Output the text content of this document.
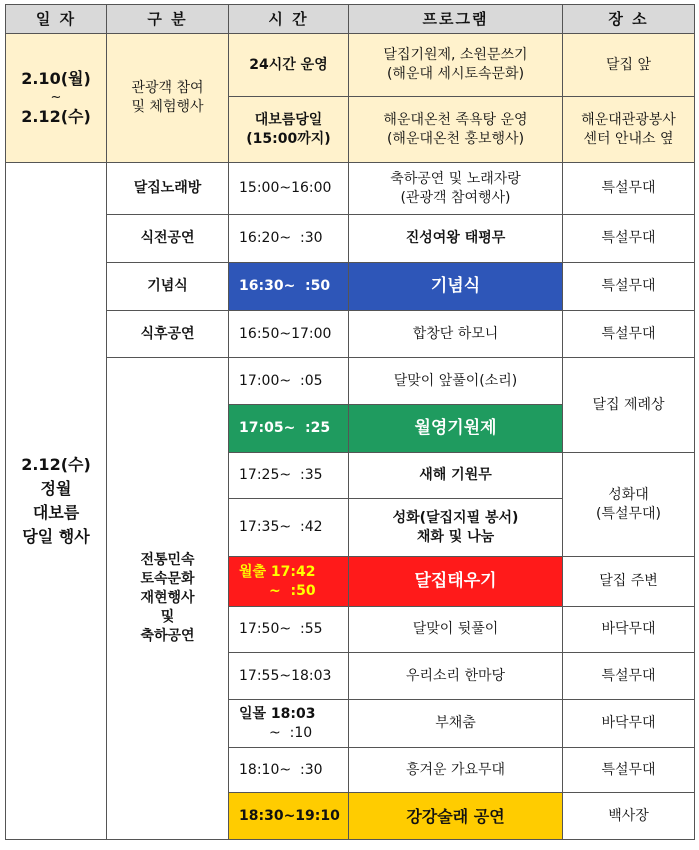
일 자	구 분	시 간	프로그램	장 소

2.10(월)
~
2.12(수)	관광객 참여
및 체험행사	24시간 운영	달집기원제, 소원문쓰기
(해운대 세시토속문화)	달집 앞

		대보름당일
(15:00까지)	해운대온천 족욕탕 운영
(해운대온천 홍보행사)	해운대관광봉사
센터 안내소 옆

2.12(수)
정월
대보름
당일 행사	달집노래방	15:00~16:00	축하공연 및 노래자랑
(관광객 참여행사)	특설무대
	식전공연	16:20~  :30	진성여왕 태평무	특설무대
	기념식	16:30~  :50	기념식	특설무대
	식후공연	16:50~17:00	합창단 하모니	특설무대

	전통민속
토속문화
재현행사
및
축하공연	17:00~  :05	달맞이 앞풀이(소리)	달집 제례상
		17:05~  :25	월영기원제	
		17:25~  :35	새해 기원무	성화대
(특설무대)

		17:35~  :42	성화(달집지필 봉서)
채화 및 나눔	

		월출 17:42
~  :50	달집태우기	달집 주변
		17:50~  :55	달맞이 뒷풀이	바닥무대
		17:55~18:03	우리소리 한마당	특설무대

		일몰 18:03
~  :10	부채춤	바닥무대
		18:10~  :30	흥겨운 가요무대	특설무대
		18:30~19:10	강강술래 공연	백사장
